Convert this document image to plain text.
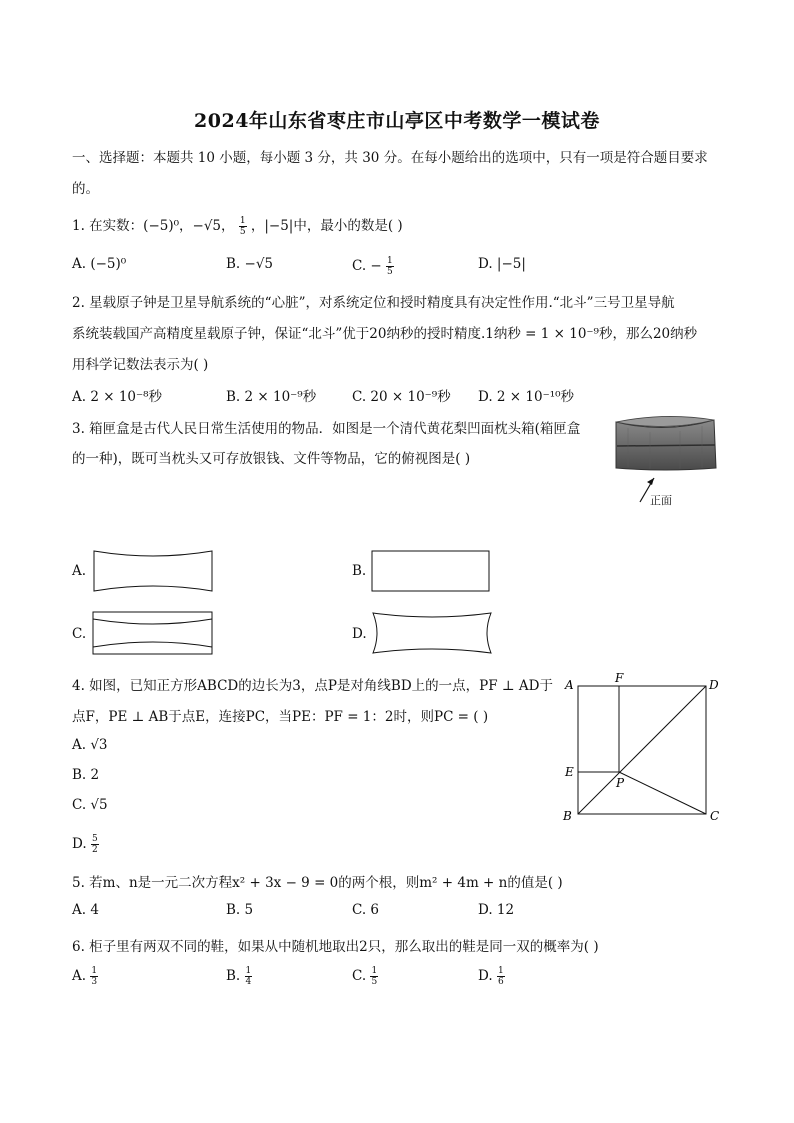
2024年山东省枣庄市山亭区中考数学一模试卷
一、选择题：本题共 10 小题，每小题 3 分，共 30 分。在每小题给出的选项中，只有一项是符合题目要求
的。
1. 在实数：(−5)⁰，−√5， $\frac{1}{5}$ ，|−5|中，最小的数是( )
A. (−5)⁰	B. −√5	C. − $\frac{1}{5}$	D. |−5|
2. 星载原子钟是卫星导航系统的“心脏”，对系统定位和授时精度具有决定性作用.“北斗”三号卫星导航
系统装载国产高精度星载原子钟，保证“北斗”优于20纳秒的授时精度.1纳秒 = 1 × 10⁻⁹秒，那么20纳秒
用科学记数法表示为( )
A. 2 × 10⁻⁸秒	B. 2 × 10⁻⁹秒	C. 20 × 10⁻⁹秒 D. 2 × 10⁻¹⁰秒
3. 箱匣盒是古代人民日常生活使用的物品．如图是一个清代黄花梨凹面枕头箱(箱匣盒
的一种)，既可当枕头又可存放银钱、文件等物品，它的俯视图是( )
正面
A.	B.
C.	D.
4. 如图，已知正方形ABCD的边长为3，点P是对角线BD上的一点，PF ⊥ AD于
点F，PE ⊥ AB于点E，连接PC，当PE：PF = 1：2时，则PC = ( )
A. √3
B. 2
C. √5
D. $\frac{5}{2}$
A	F	D
E
P
B	C
5. 若m、n是一元二次方程x² + 3x − 9 = 0的两个根，则m² + 4m + n的值是( )
A. 4	B. 5	C. 6	D. 12
6. 柜子里有两双不同的鞋，如果从中随机地取出2只，那么取出的鞋是同一双的概率为( )
A. $\frac{1}{3}$	B. $\frac{1}{4}$	C. $\frac{1}{5}$	D. $\frac{1}{6}$
